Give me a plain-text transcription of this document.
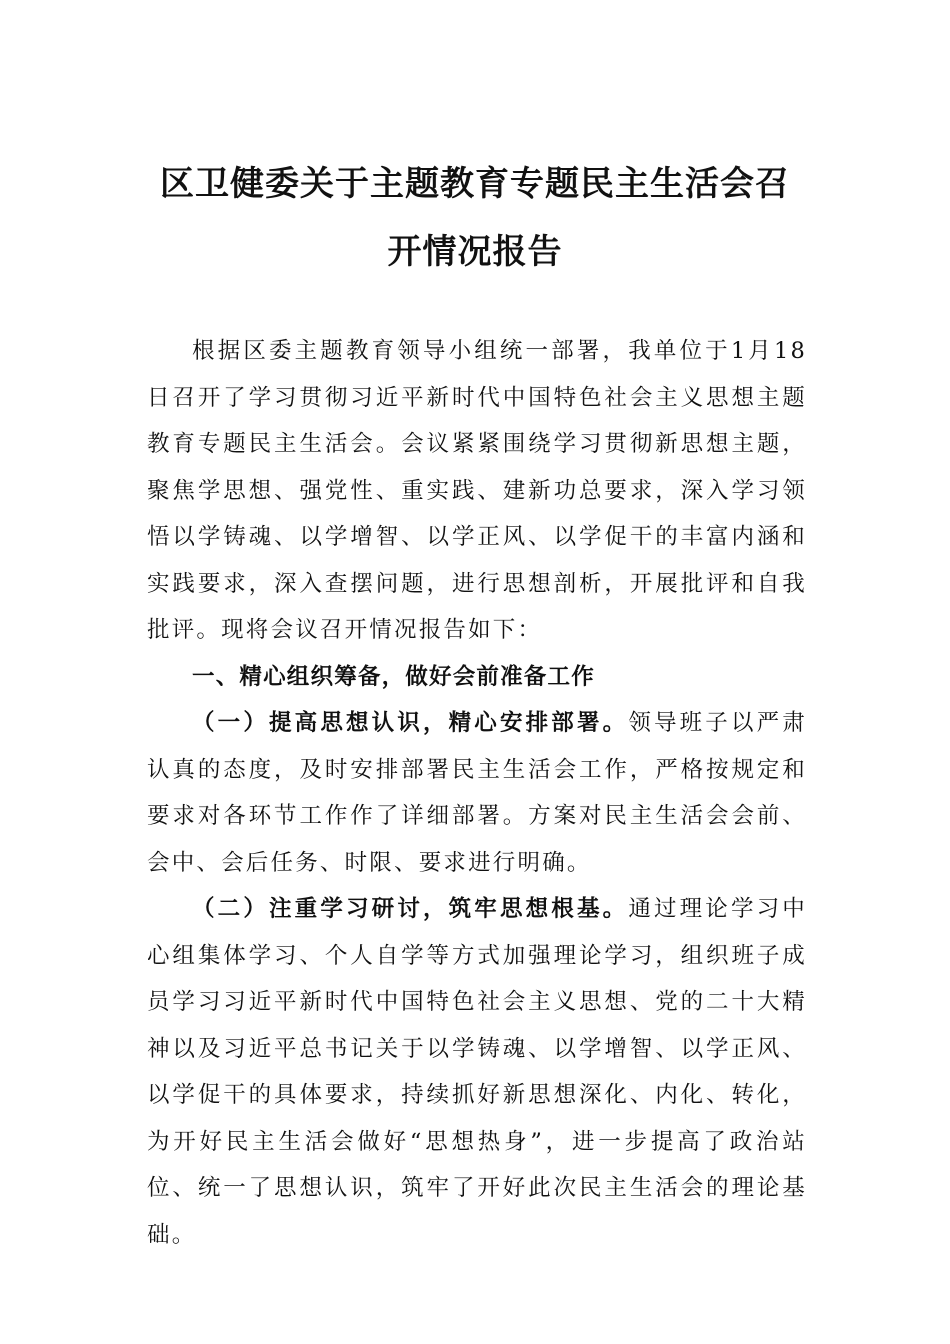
区卫健委关于主题教育专题民主生活会召
开情况报告

根据区委主题教育领导小组统一部署，我单位于1月18日召开了学习贯彻习近平新时代中国特色社会主义思想主题教育专题民主生活会。会议紧紧围绕学习贯彻新思想主题，聚焦学思想、强党性、重实践、建新功总要求，深入学习领悟以学铸魂、以学增智、以学正风、以学促干的丰富内涵和实践要求，深入查摆问题，进行思想剖析，开展批评和自我批评。现将会议召开情况报告如下：

一、精心组织筹备，做好会前准备工作

（一）提高思想认识，精心安排部署。领导班子以严肃认真的态度，及时安排部署民主生活会工作，严格按规定和要求对各环节工作作了详细部署。方案对民主生活会会前、会中、会后任务、时限、要求进行明确。

（二）注重学习研讨，筑牢思想根基。通过理论学习中心组集体学习、个人自学等方式加强理论学习，组织班子成员学习习近平新时代中国特色社会主义思想、党的二十大精神以及习近平总书记关于以学铸魂、以学增智、以学正风、以学促干的具体要求，持续抓好新思想深化、内化、转化，为开好民主生活会做好“思想热身”，进一步提高了政治站位、统一了思想认识，筑牢了开好此次民主生活会的理论基础。
